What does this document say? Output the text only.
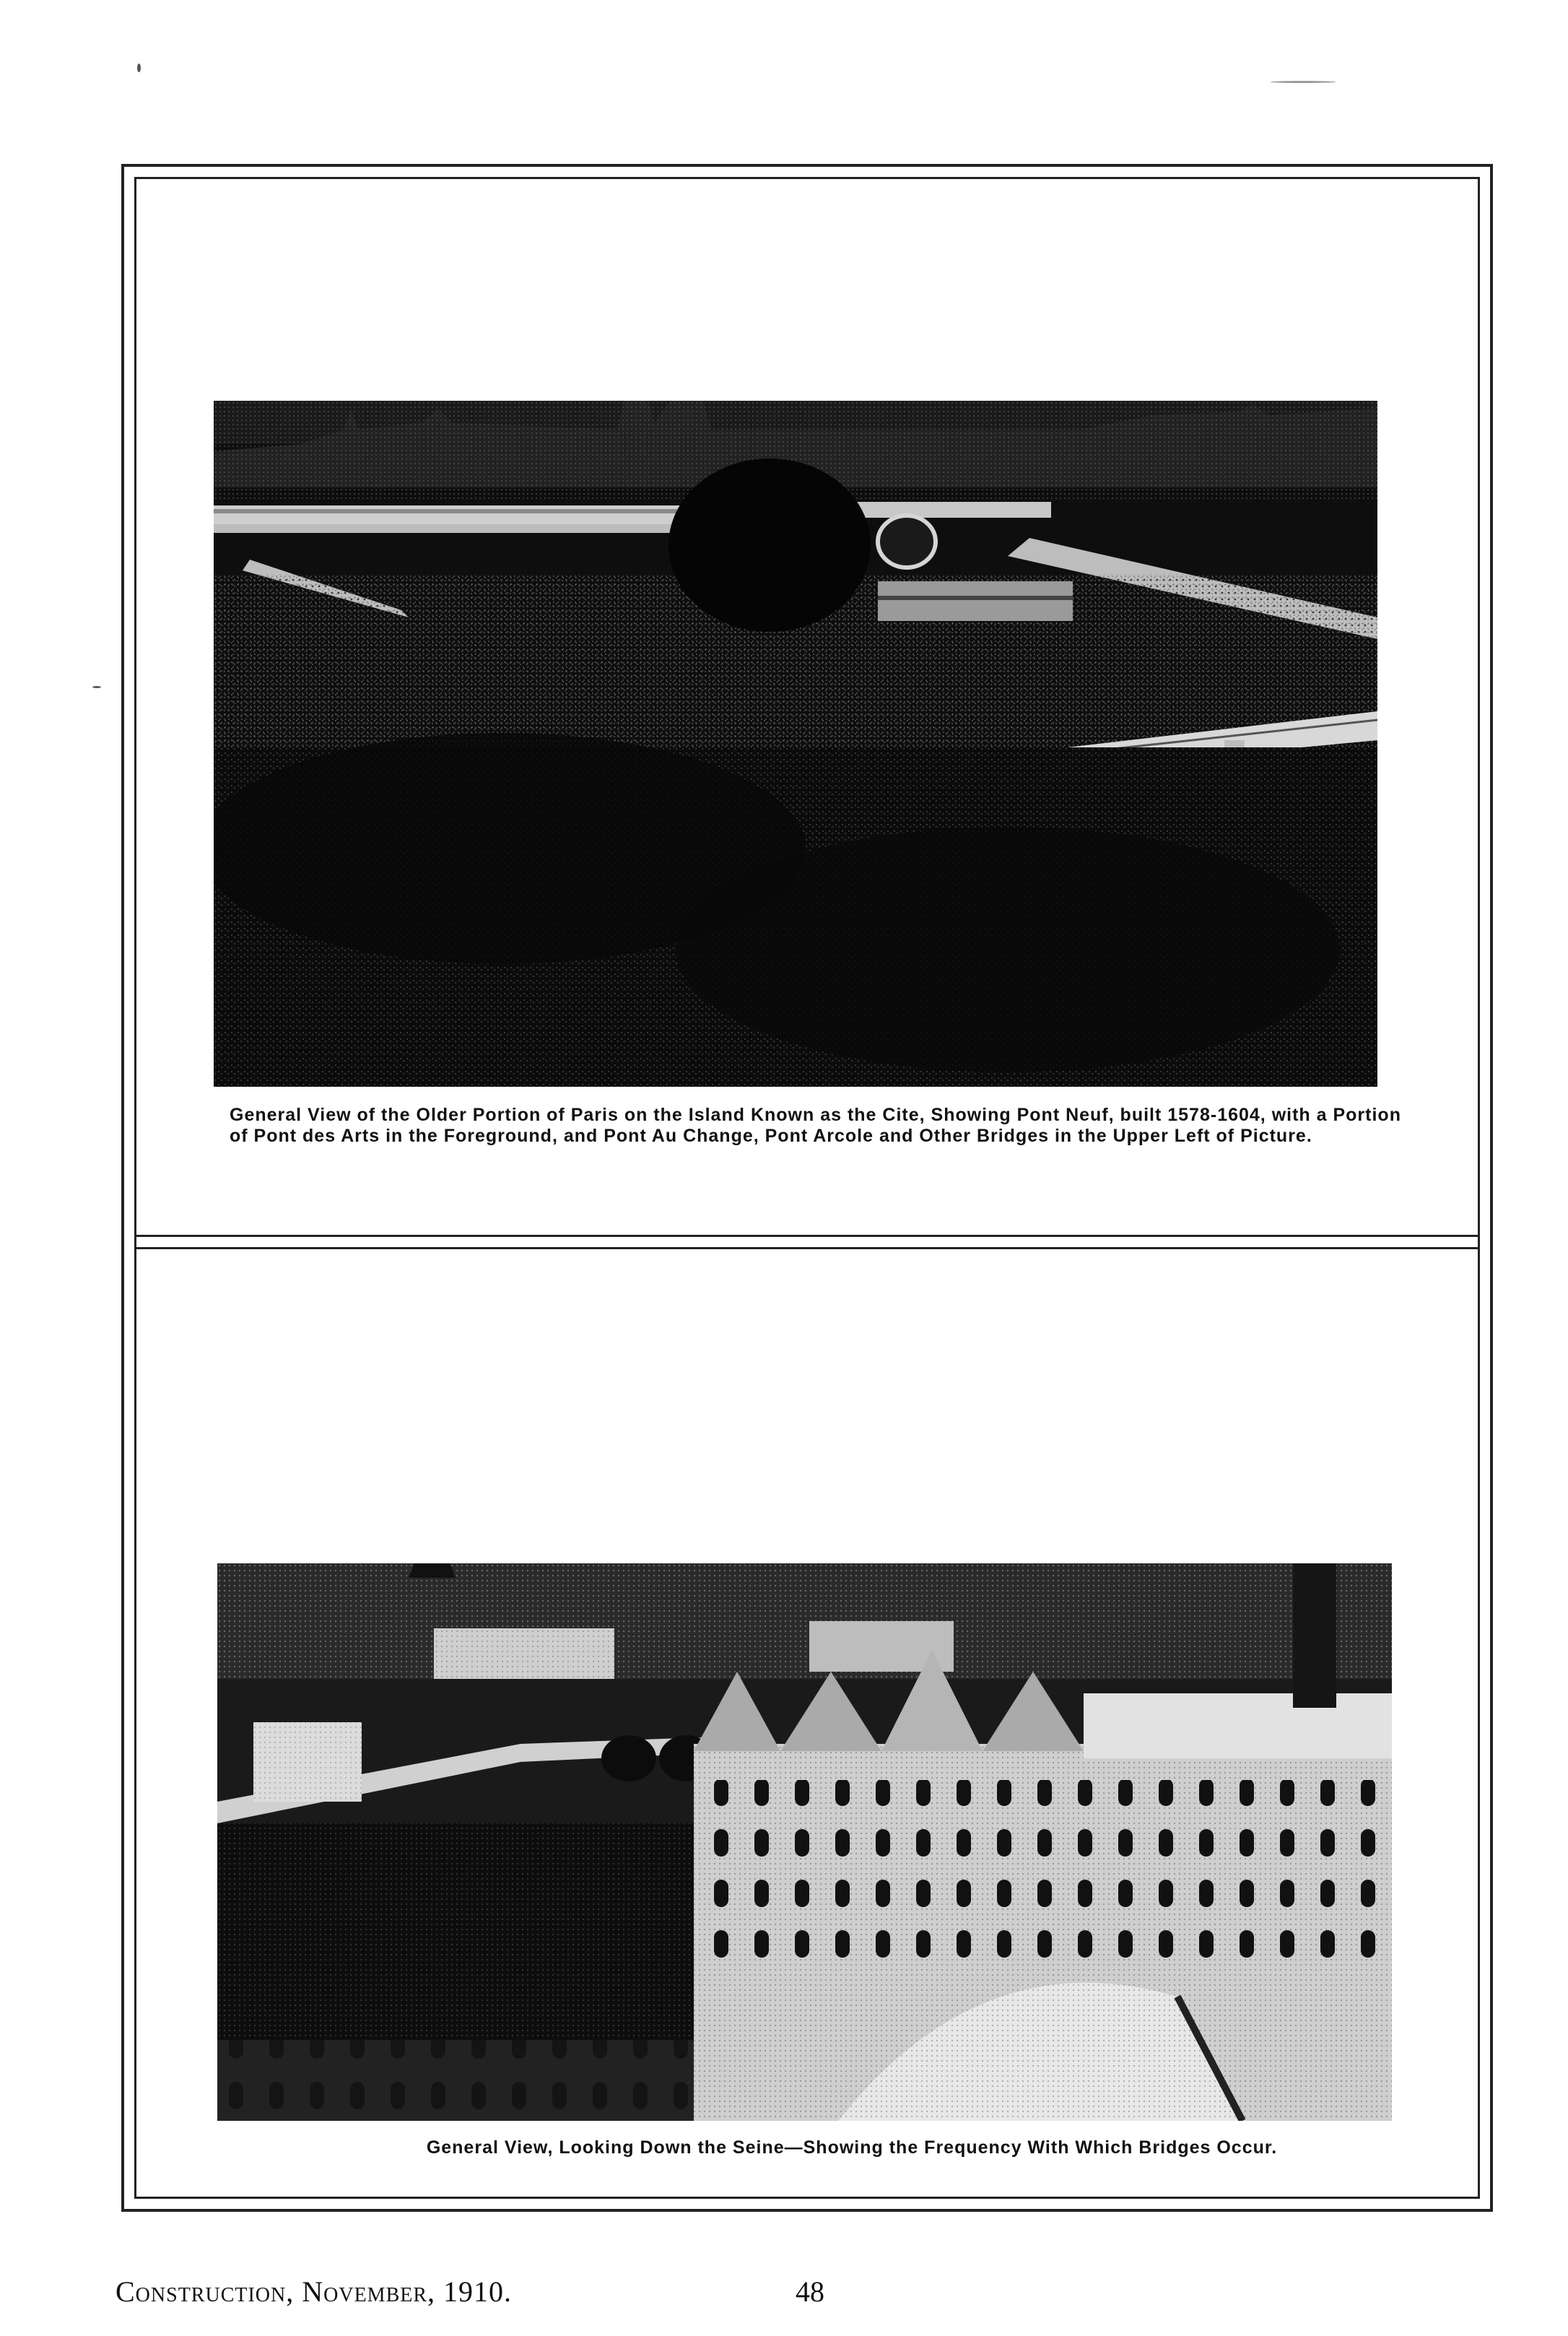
General View of the Older Portion of Paris on the Island Known as the Cite, Showing Pont Neuf, built 1578-1604, with a Portion of Pont des Arts in the Foreground, and Pont Au Change, Pont Arcole and Other Bridges in the Upper Left of Picture.
General View, Looking Down the Seine—Showing the Frequency With Which Bridges Occur.
Construction, November, 1910.	48
